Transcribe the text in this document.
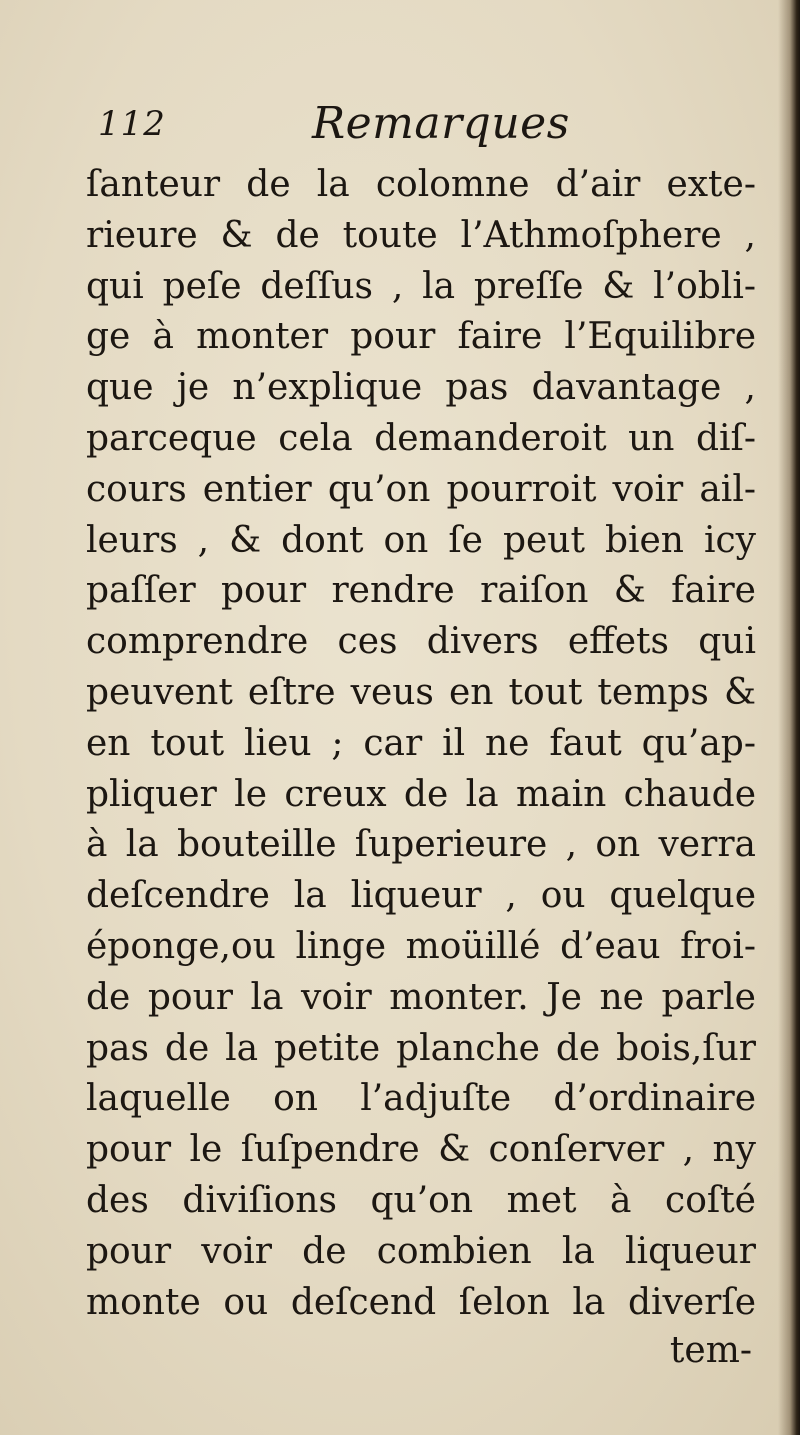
112	Remarques
ſanteur de la colomne d’air exte-
rieure & de toute l’Athmoſphere ,
qui peſe deſſus , la preſſe & l’obli-
ge à monter pour faire l’Equilibre
que je n’explique pas davantage ,
parceque cela demanderoit un diſ-
cours entier qu’on pourroit voir ail-
leurs , & dont on ſe peut bien icy
paſſer pour rendre raiſon & faire
comprendre ces divers effets qui
peuvent eſtre veus en tout temps &
en tout lieu ; car il ne faut qu’ap-
pliquer le creux de la main chaude
à la bouteille ſuperieure , on verra
deſcendre la liqueur , ou quelque
éponge,ou linge moüillé d’eau froi-
de pour la voir monter. Je ne parle
pas de la petite planche de bois,ſur
laquelle on l’adjuſte d’ordinaire
pour le ſuſpendre & conſerver , ny
des diviſions qu’on met à coſté
pour voir de combien la liqueur
monte ou deſcend ſelon la diverſe
tem-
